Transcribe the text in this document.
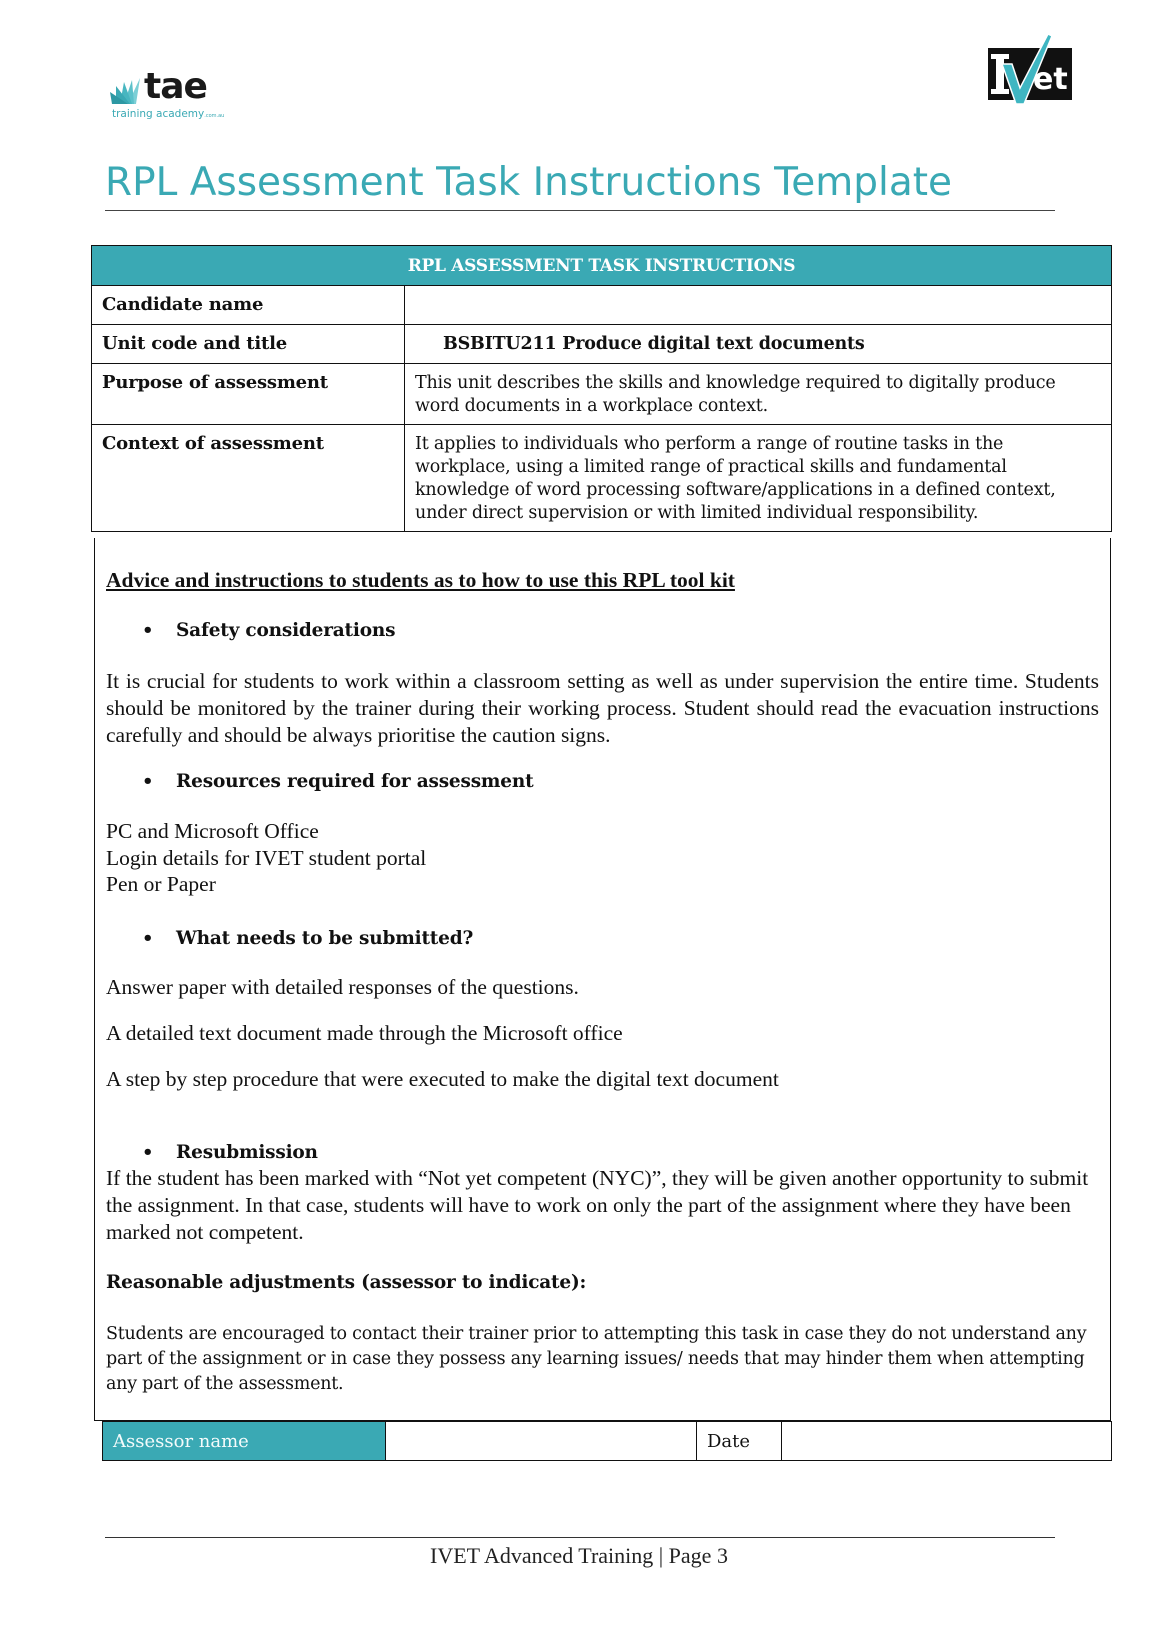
tae
training academy.com.au
et
RPL Assessment Task Instructions Template
RPL ASSESSMENT TASK INSTRUCTIONS	
Candidate name	
Unit code and title	BSBITU211 Produce digital text documents
Purpose of assessment	This unit describes the skills and knowledge required to digitally produce word documents in a workplace context.
Context of assessment	It applies to individuals who perform a range of routine tasks in the workplace, using a limited range of practical skills and fundamental knowledge of word processing software/applications in a defined context, under direct supervision or with limited individual responsibility.
Advice and instructions to students as to how to use this RPL tool kit
• Safety considerations
It is crucial for students to work within a classroom setting as well as under supervision the entire time. Students should be monitored by the trainer during their working process. Student should read the evacuation instructions carefully and should be always prioritise the caution signs.
• Resources required for assessment
PC and Microsoft Office
Login details for IVET student portal
Pen or Paper
• What needs to be submitted?
Answer paper with detailed responses of the questions.
A detailed text document made through the Microsoft office
A step by step procedure that were executed to make the digital text document
• Resubmission
If the student has been marked with “Not yet competent (NYC)”, they will be given another opportunity to submit the assignment. In that case, students will have to work on only the part of the assignment where they have been marked not competent.
Reasonable adjustments (assessor to indicate):
Students are encouraged to contact their trainer prior to attempting this task in case they do not understand any part of the assignment or in case they possess any learning issues/ needs that may hinder them when attempting any part of the assessment.
Assessor name		Date	
IVET Advanced Training | Page 3
